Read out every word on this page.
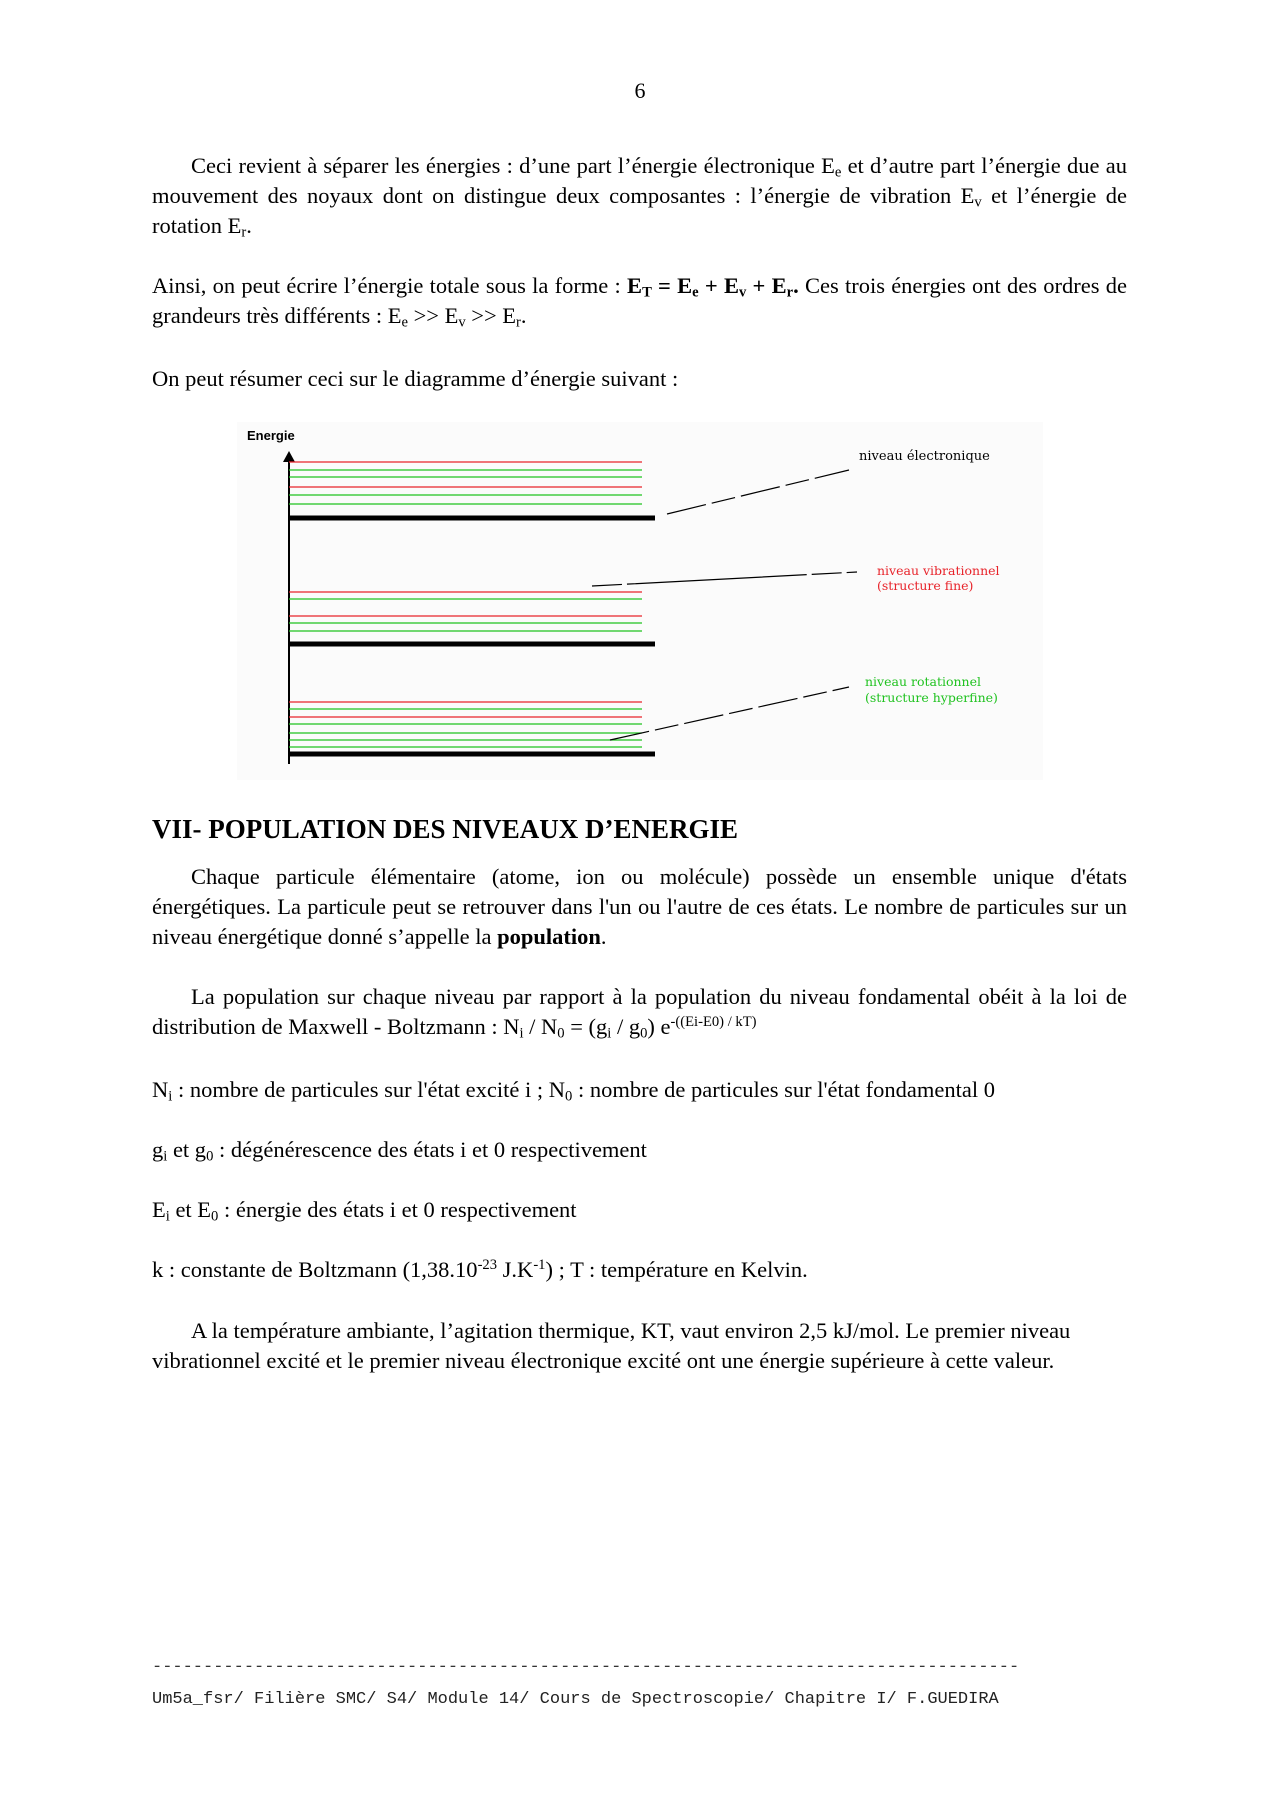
6

Ceci revient à séparer les énergies : d’une part l’énergie électronique $E_e$ et d’autre part l’énergie due au mouvement des noyaux dont on distingue deux composantes : l’énergie de vibration $E_v$ et l’énergie de rotation $E_r$.

Ainsi, on peut écrire l’énergie totale sous la forme : $E_T = E_e + E_v + E_r$. Ces trois énergies ont des ordres de grandeurs très différents : $E_e >> E_v >> E_r$.

On peut résumer ceci sur le diagramme d’énergie suivant :

Energie
niveau électronique
niveau vibrationnel
(structure fine)
niveau rotationnel
(structure hyperfine)
VII- POPULATION DES NIVEAUX D’ENERGIE

Chaque particule élémentaire (atome, ion ou molécule) possède un ensemble unique d'états énergétiques. La particule peut se retrouver dans l'un ou l'autre de ces états. Le nombre de particules sur un niveau énergétique donné s’appelle la population.

La population sur chaque niveau par rapport à la population du niveau fondamental obéit à la loi de distribution de Maxwell - Boltzmann : $N_i / N_0 = (g_i / g_0)$ $e^{-((Ei-E0) / kT)}$

$N_i$ : nombre de particules sur l'état excité i ; $N_0$ : nombre de particules sur l'état fondamental 0

$g_i$ et $g_0$ : dégénérescence des états i et 0 respectivement

$E_i$ et $E_0$ : énergie des états i et 0 respectivement

k : constante de Boltzmann ($1,38.10^{-23}$ $J.K^{-1}$) ; T : température en Kelvin.

A la température ambiante, l’agitation thermique, KT, vaut environ 2,5 kJ/mol. Le premier niveau vibrationnel excité et le premier niveau électronique excité ont une énergie supérieure à cette valeur.

-------------------------------------------------------------------------------------
Um5a_fsr/ Filière SMC/ S4/ Module 14/ Cours de Spectroscopie/ Chapitre I/ F.GUEDIRA
